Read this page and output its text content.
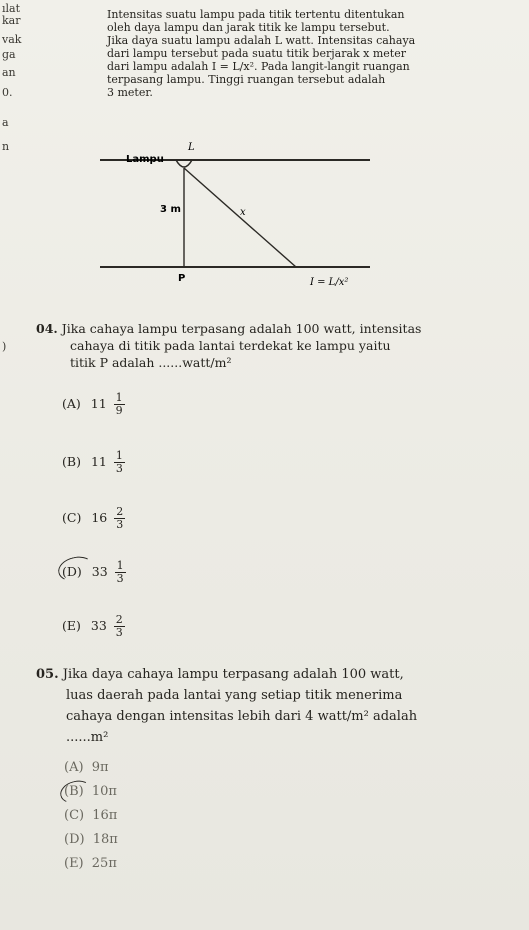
ılat
kar
vak
ga
an
0.
a
n
)

Intensitas suatu lampu pada titik tertentu ditentukan

oleh daya lampu dan jarak titik ke lampu tersebut.

Jika daya suatu lampu adalah L watt. Intensitas cahaya

dari lampu tersebut pada suatu titik berjarak x meter

dari lampu adalah I = L/x². Pada langit-langit ruangan

terpasang lampu. Tinggi ruangan tersebut adalah

3 meter.

L
Lampu
3 m	x
P	I = L/x²
04. Jika cahaya lampu terpasang adalah 100 watt, intensitas
cahaya di titik pada lantai terdekat ke lampu yaitu
titik P adalah ......watt/m²
(A) $11 \frac{1}{9}$
(B) $11 \frac{1}{3}$
(C) $16 \frac{2}{3}$
(D) $33 \frac{1}{3}$
(E) $33 \frac{2}{3}$
05. Jika daya cahaya lampu terpasang adalah 100 watt,
luas daerah pada lantai yang setiap titik menerima
cahaya dengan intensitas lebih dari 4 watt/m² adalah
......m²
(A) 9π
(B) 10π
(C) 16π
(D) 18π
(E) 25π
